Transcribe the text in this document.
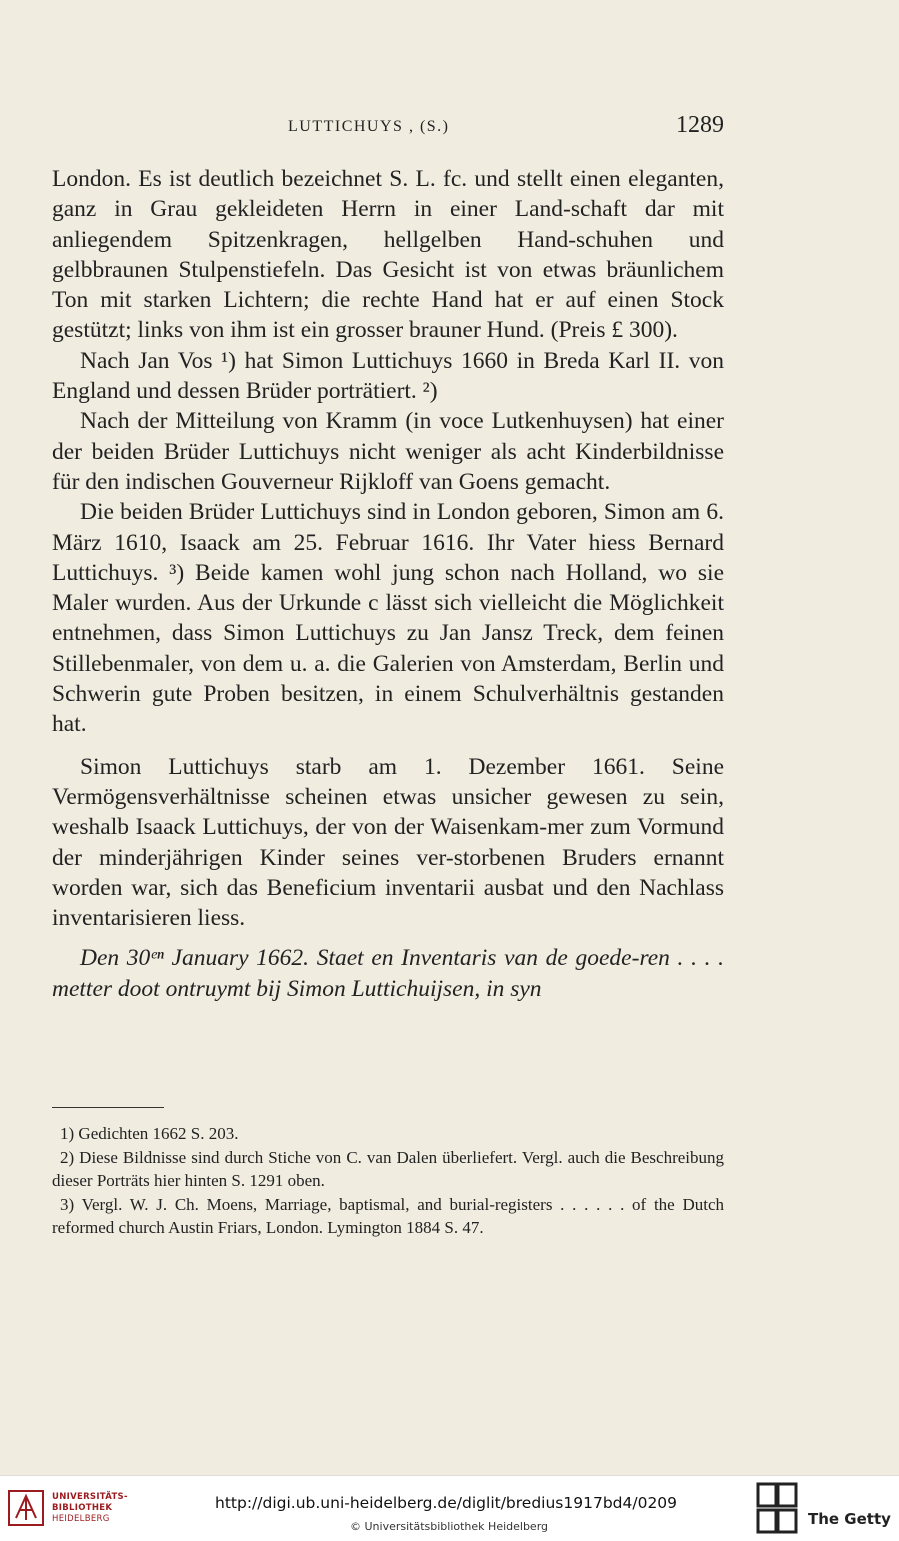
LUTTICHUYS , (S.)	1289

London. Es ist deutlich bezeichnet S. L. fc. und stellt einen eleganten, ganz in Grau gekleideten Herrn in einer Land-schaft dar mit anliegendem Spitzenkragen, hellgelben Hand-schuhen und gelbbraunen Stulpenstiefeln. Das Gesicht ist von etwas bräunlichem Ton mit starken Lichtern; die rechte Hand hat er auf einen Stock gestützt; links von ihm ist ein grosser brauner Hund. (Preis £ 300).

Nach Jan Vos ¹) hat Simon Luttichuys 1660 in Breda Karl II. von England und dessen Brüder porträtiert. ²)

Nach der Mitteilung von Kramm (in voce Lutkenhuysen) hat einer der beiden Brüder Luttichuys nicht weniger als acht Kinderbildnisse für den indischen Gouverneur Rijkloff van Goens gemacht.

Die beiden Brüder Luttichuys sind in London geboren, Simon am 6. März 1610, Isaack am 25. Februar 1616. Ihr Vater hiess Bernard Luttichuys. ³) Beide kamen wohl jung schon nach Holland, wo sie Maler wurden. Aus der Urkunde c lässt sich vielleicht die Möglichkeit entnehmen, dass Simon Luttichuys zu Jan Jansz Treck, dem feinen Stillebenmaler, von dem u. a. die Galerien von Amsterdam, Berlin und Schwerin gute Proben besitzen, in einem Schulverhältnis gestanden hat.

Simon Luttichuys starb am 1. Dezember 1661. Seine Vermögensverhältnisse scheinen etwas unsicher gewesen zu sein, weshalb Isaack Luttichuys, der von der Waisenkam-mer zum Vormund der minderjährigen Kinder seines ver-storbenen Bruders ernannt worden war, sich das Beneficium inventarii ausbat und den Nachlass inventarisieren liess.

Den 30ᵉⁿ January 1662. Staet en Inventaris van de goede-ren . . . . metter doot ontruymt bij Simon Luttichuijsen, in syn

1) Gedichten 1662 S. 203.

2) Diese Bildnisse sind durch Stiche von C. van Dalen überliefert. Vergl. auch die Beschreibung dieser Porträts hier hinten S. 1291 oben.

3) Vergl. W. J. Ch. Moens, Marriage, baptismal, and burial-registers . . . . . . of the Dutch reformed church Austin Friars, London. Lymington 1884 S. 47.

UNIVERSITÄTS-
BIBLIOTHEK
HEIDELBERG
http://digi.ub.uni-heidelberg.de/diglit/bredius1917bd4/0209
© Universitätsbibliothek Heidelberg	The Getty
